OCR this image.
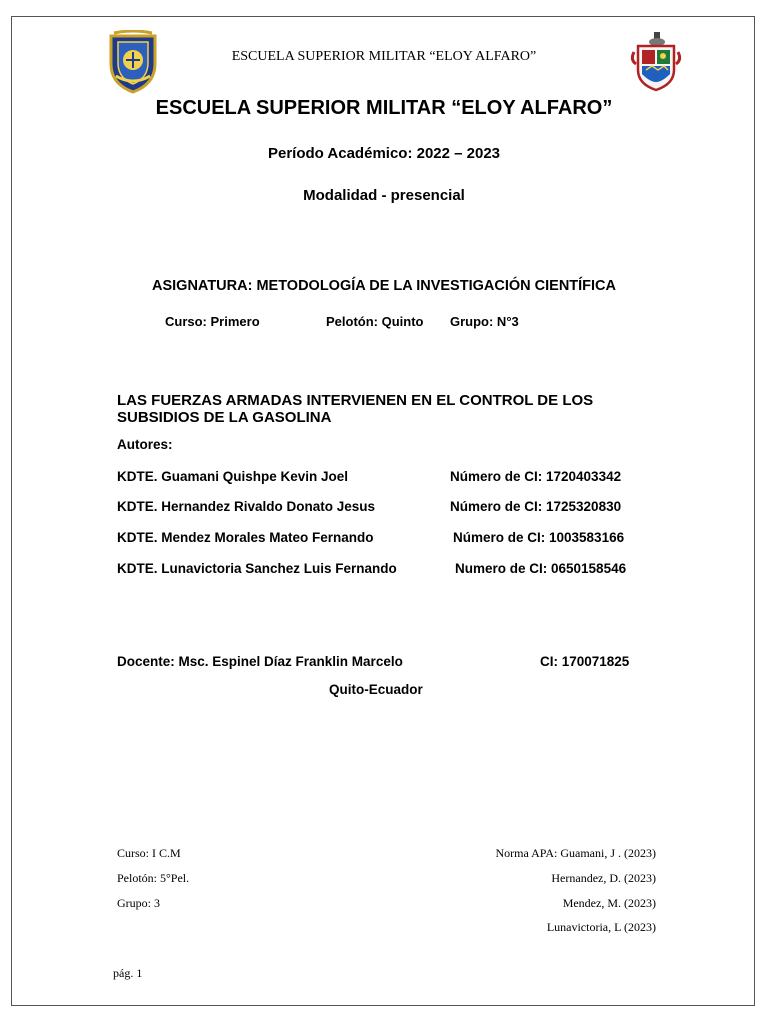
ESCUELA SUPERIOR MILITAR “ELOY ALFARO”
ESCUELA SUPERIOR MILITAR “ELOY ALFARO”
Período Académico: 2022 – 2023
Modalidad - presencial
ASIGNATURA: METODOLOGÍA DE LA INVESTIGACIÓN CIENTÍFICA
Curso: Primero	Pelotón: Quinto Grupo: N°3
LAS FUERZAS ARMADAS INTERVIENEN EN EL CONTROL DE LOS SUBSIDIOS DE LA GASOLINA
Autores:
KDTE. Guamani Quishpe Kevin Joel	Número de CI: 1720403342
KDTE. Hernandez Rivaldo Donato Jesus	Número de CI: 1725320830
KDTE. Mendez Morales Mateo Fernando	Número de CI: 1003583166
KDTE. Lunavictoria Sanchez Luis Fernando	Numero de CI: 0650158546
Docente: Msc. Espinel Díaz Franklin Marcelo	CI: 170071825
Quito-Ecuador
Curso: I C.M
Pelotón: 5°Pel.
Grupo: 3
Norma APA: Guamani, J . (2023)
Hernandez, D. (2023)
Mendez, M. (2023)
Lunavictoria, L (2023)
pág. 1
